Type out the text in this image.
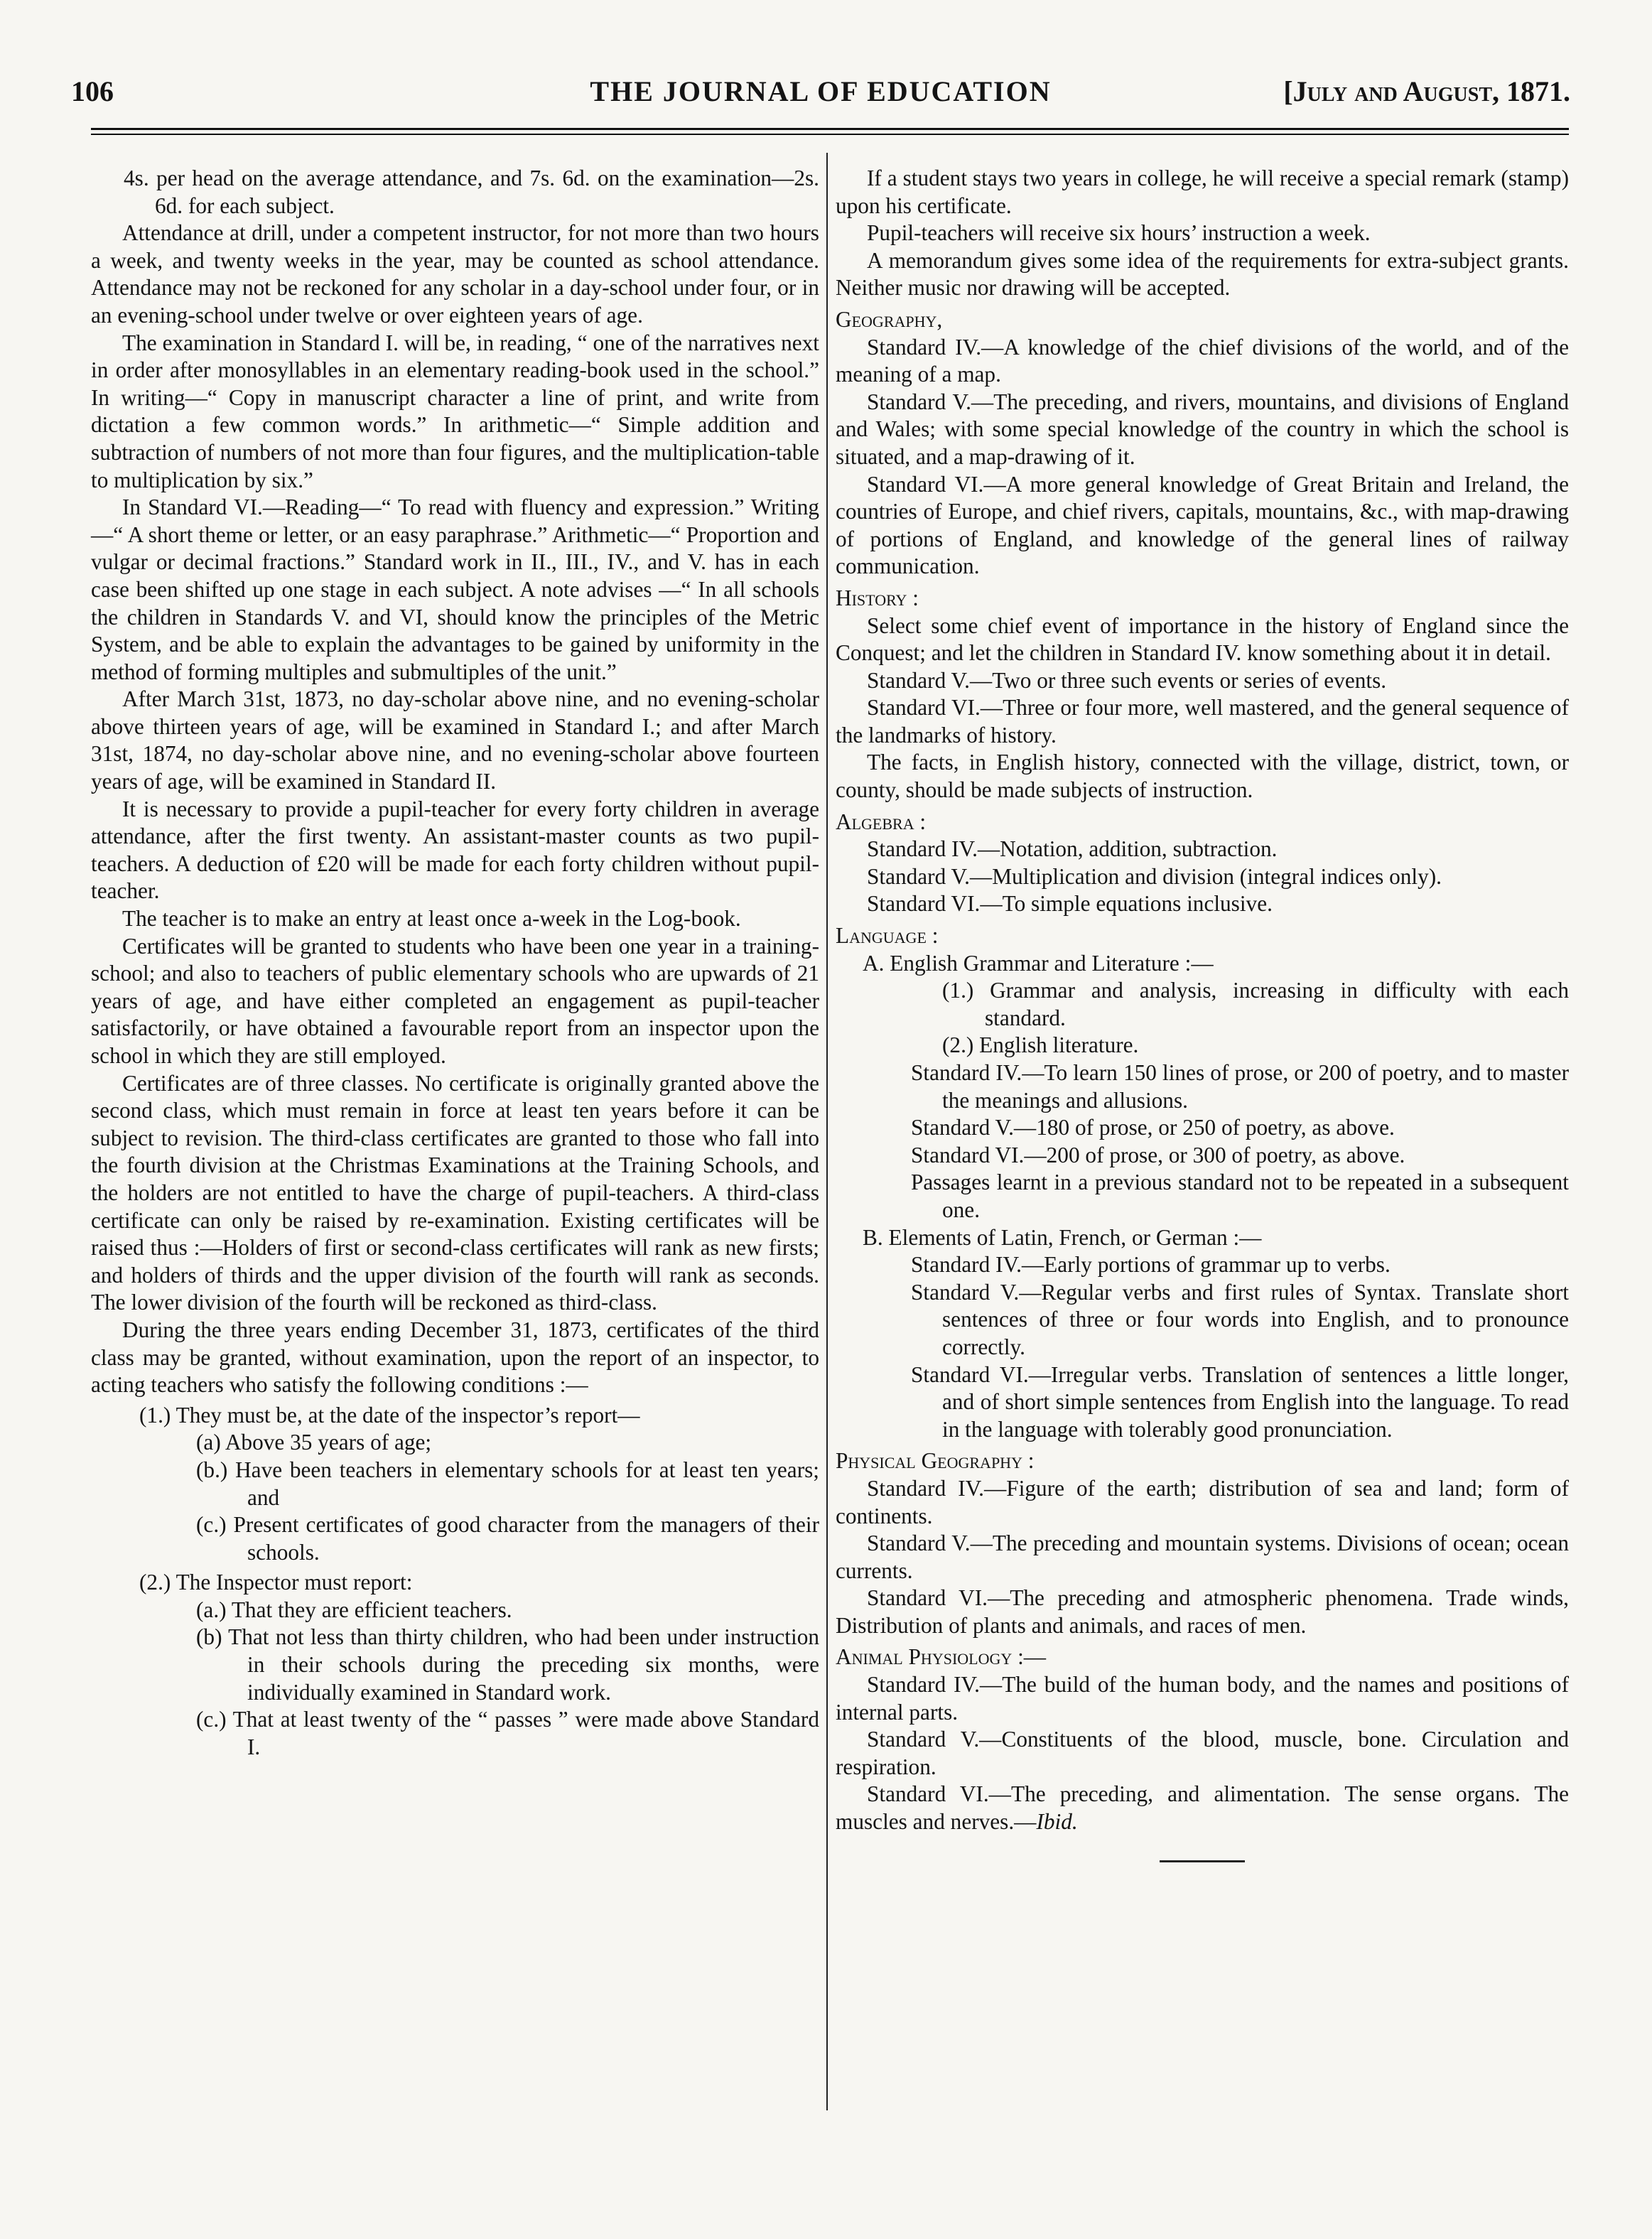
106	THE JOURNAL OF EDUCATION	[July and August, 1871.

4s. per head on the average attendance, and 7s. 6d. on the examination—2s. 6d. for each subject.

Attendance at drill, under a competent instructor, for not more than two hours a week, and twenty weeks in the year, may be counted as school attendance. Attendance may not be reckoned for any scholar in a day-school under four, or in an evening-school under twelve or over eighteen years of age.

The examination in Standard I. will be, in reading, “ one of the narratives next in order after monosyllables in an elementary reading-book used in the school.” In writing—“ Copy in manuscript character a line of print, and write from dictation a few common words.” In arithmetic—“ Simple addition and subtraction of numbers of not more than four figures, and the multiplication-table to multiplication by six.”

In Standard VI.—Reading—“ To read with fluency and expression.” Writing—“ A short theme or letter, or an easy paraphrase.” Arithmetic—“ Proportion and vulgar or decimal fractions.” Standard work in II., III., IV., and V. has in each case been shifted up one stage in each subject. A note advises —“ In all schools the children in Standards V. and VI, should know the principles of the Metric System, and be able to explain the advantages to be gained by uniformity in the method of forming multiples and submultiples of the unit.”

After March 31st, 1873, no day-scholar above nine, and no evening-scholar above thirteen years of age, will be examined in Standard I.; and after March 31st, 1874, no day-scholar above nine, and no evening-scholar above fourteen years of age, will be examined in Standard II.

It is necessary to provide a pupil-teacher for every forty children in average attendance, after the first twenty. An assistant-master counts as two pupil-teachers. A deduction of £20 will be made for each forty children without pupil-teacher.

The teacher is to make an entry at least once a-week in the Log-book.

Certificates will be granted to students who have been one year in a training-school; and also to teachers of public elementary schools who are upwards of 21 years of age, and have either completed an engagement as pupil-teacher satisfactorily, or have obtained a favourable report from an inspector upon the school in which they are still employed.

Certificates are of three classes. No certificate is originally granted above the second class, which must remain in force at least ten years before it can be subject to revision. The third-class certificates are granted to those who fall into the fourth division at the Christmas Examinations at the Training Schools, and the holders are not entitled to have the charge of pupil-teachers. A third-class certificate can only be raised by re-examination. Existing certificates will be raised thus :—Holders of first or second-class certificates will rank as new firsts; and holders of thirds and the upper division of the fourth will rank as seconds. The lower division of the fourth will be reckoned as third-class.

During the three years ending December 31, 1873, certificates of the third class may be granted, without examination, upon the report of an inspector, to acting teachers who satisfy the following conditions :—

(1.) They must be, at the date of the inspector’s report—

(a) Above 35 years of age;

(b.) Have been teachers in elementary schools for at least ten years; and

(c.) Present certificates of good character from the managers of their schools.

(2.) The Inspector must report:

(a.) That they are efficient teachers.

(b) That not less than thirty children, who had been under instruction in their schools during the preceding six months, were individually examined in Standard work.

(c.) That at least twenty of the “ passes ” were made above Standard I.

If a student stays two years in college, he will receive a special remark (stamp) upon his certificate.

Pupil-teachers will receive six hours’ instruction a week.

A memorandum gives some idea of the requirements for extra-subject grants. Neither music nor drawing will be accepted.

Geography,

Standard IV.—A knowledge of the chief divisions of the world, and of the meaning of a map.

Standard V.—The preceding, and rivers, mountains, and divisions of England and Wales; with some special knowledge of the country in which the school is situated, and a map-drawing of it.

Standard VI.—A more general knowledge of Great Britain and Ireland, the countries of Europe, and chief rivers, capitals, mountains, &c., with map-drawing of portions of England, and knowledge of the general lines of railway communication.

History :

Select some chief event of importance in the history of England since the Conquest; and let the children in Standard IV. know something about it in detail.

Standard V.—Two or three such events or series of events.

Standard VI.—Three or four more, well mastered, and the general sequence of the landmarks of history.

The facts, in English history, connected with the village, district, town, or county, should be made subjects of instruction.

Algebra :

Standard IV.—Notation, addition, subtraction.

Standard V.—Multiplication and division (integral indices only).

Standard VI.—To simple equations inclusive.

Language :

A. English Grammar and Literature :—

(1.) Grammar and analysis, increasing in difficulty with each standard.

(2.) English literature.

Standard IV.—To learn 150 lines of prose, or 200 of poetry, and to master the meanings and allusions.

Standard V.—180 of prose, or 250 of poetry, as above.

Standard VI.—200 of prose, or 300 of poetry, as above.

Passages learnt in a previous standard not to be repeated in a subsequent one.

B. Elements of Latin, French, or German :—

Standard IV.—Early portions of grammar up to verbs.

Standard V.—Regular verbs and first rules of Syntax. Translate short sentences of three or four words into English, and to pronounce correctly.

Standard VI.—Irregular verbs. Translation of sentences a little longer, and of short simple sentences from English into the language. To read in the language with tolerably good pronunciation.

Physical Geography :

Standard IV.—Figure of the earth; distribution of sea and land; form of continents.

Standard V.—The preceding and mountain systems. Divisions of ocean; ocean currents.

Standard VI.—The preceding and atmospheric phenomena. Trade winds, Distribution of plants and animals, and races of men.

Animal Physiology :—

Standard IV.—The build of the human body, and the names and positions of internal parts.

Standard V.—Constituents of the blood, muscle, bone. Circulation and respiration.

Standard VI.—The preceding, and alimentation. The sense organs. The muscles and nerves.—Ibid.
